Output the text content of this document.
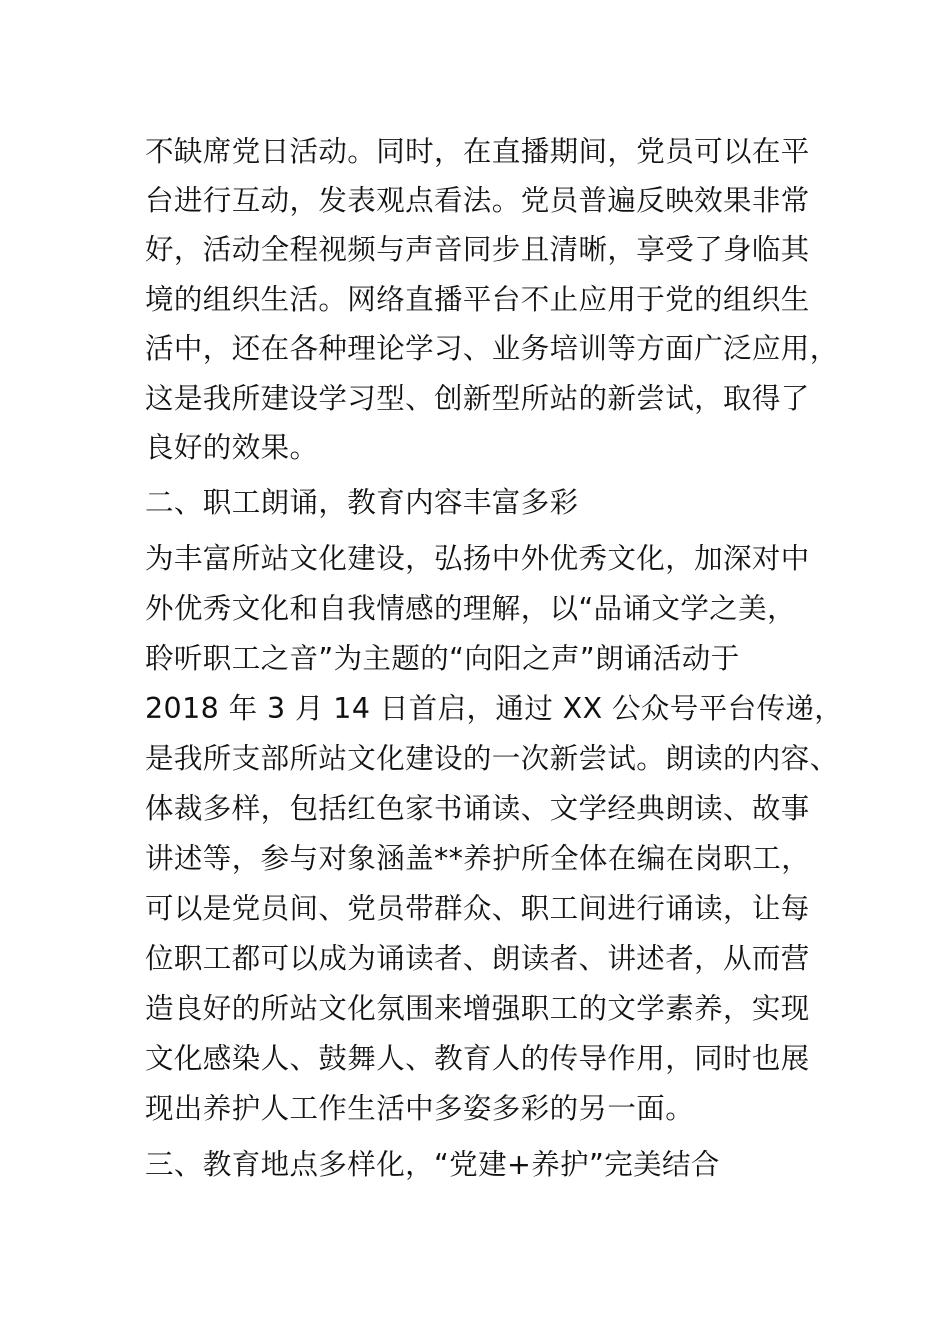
不缺席党日活动。同时，在直播期间，党员可以在平
台进行互动，发表观点看法。党员普遍反映效果非常
好，活动全程视频与声音同步且清晰，享受了身临其
境的组织生活。网络直播平台不止应用于党的组织生
活中，还在各种理论学习、业务培训等方面广泛应用，
这是我所建设学习型、创新型所站的新尝试，取得了
良好的效果。
二、职工朗诵，教育内容丰富多彩
为丰富所站文化建设，弘扬中外优秀文化，加深对中
外优秀文化和自我情感的理解，以“品诵文学之美，
聆听职工之音”为主题的“向阳之声”朗诵活动于
2018 年 3 月 14 日首启，通过 XX 公众号平台传递，
是我所支部所站文化建设的一次新尝试。朗读的内容、
体裁多样，包括红色家书诵读、文学经典朗读、故事
讲述等，参与对象涵盖**养护所全体在编在岗职工，
可以是党员间、党员带群众、职工间进行诵读，让每
位职工都可以成为诵读者、朗读者、讲述者，从而营
造良好的所站文化氛围来增强职工的文学素养，实现
文化感染人、鼓舞人、教育人的传导作用，同时也展
现出养护人工作生活中多姿多彩的另一面。
三、教育地点多样化，“党建+养护”完美结合
